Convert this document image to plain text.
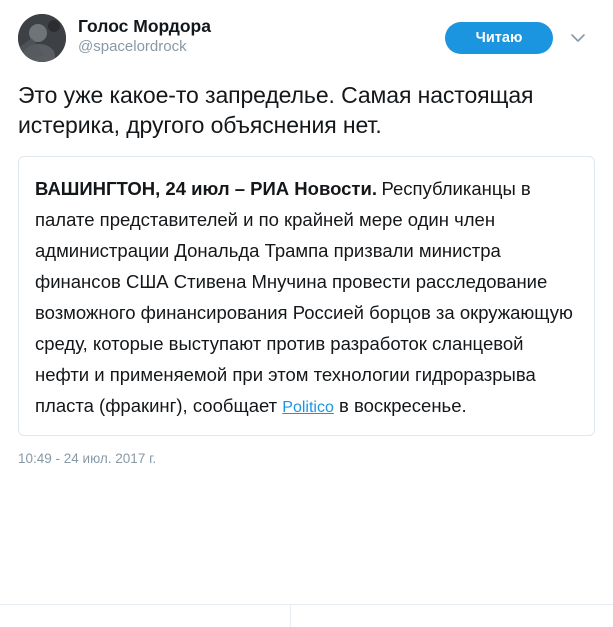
Голос Мордора
@spacelordrock	Читаю
Это уже какое-то запределье. Самая настоящая истерика, другого объяснения нет.
ВАШИНГТОН, 24 июл – РИА Новости. Республиканцы в палате представителей и по крайней мере один член администрации Дональда Трампа призвали министра финансов США Стивена Мнучина провести расследование возможного финансирования Россией борцов за окружающую среду, которые выступают против разработок сланцевой нефти и применяемой при этом технологии гидроразрыва пласта (фракинг), сообщает Politico в воскресенье.
10:49 - 24 июл. 2017 г.
